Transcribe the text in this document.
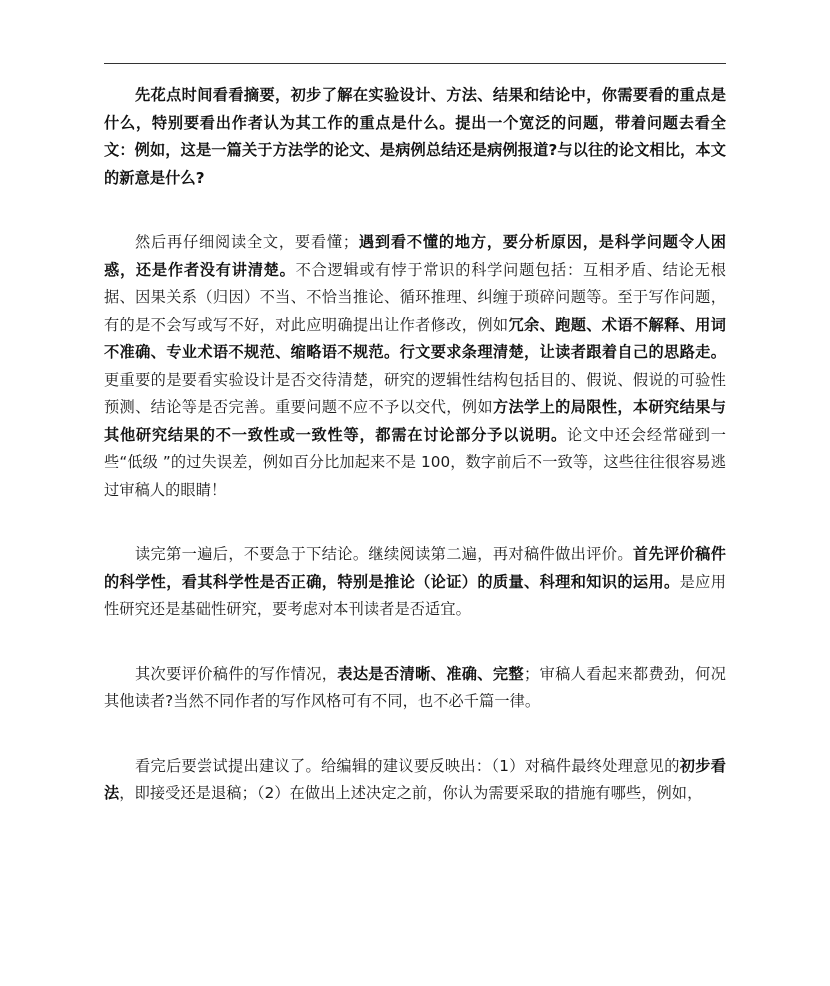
先花点时间看看摘要，初步了解在实验设计、方法、结果和结论中，你需要看的重点是什么，特别要看出作者认为其工作的重点是什么。提出一个宽泛的问题，带着问题去看全文：例如，这是一篇关于方法学的论文、是病例总结还是病例报道?与以往的论文相比，本文的新意是什么?

然后再仔细阅读全文，要看懂；遇到看不懂的地方，要分析原因，是科学问题令人困惑，还是作者没有讲清楚。不合逻辑或有悖于常识的科学问题包括：互相矛盾、结论无根据、因果关系（归因）不当、不恰当推论、循环推理、纠缠于琐碎问题等。至于写作问题，有的是不会写或写不好，对此应明确提出让作者修改，例如冗余、跑题、术语不解释、用词不准确、专业术语不规范、缩略语不规范。行文要求条理清楚，让读者跟着自己的思路走。更重要的是要看实验设计是否交待清楚，研究的逻辑性结构包括目的、假说、假说的可验性预测、结论等是否完善。重要问题不应不予以交代，例如方法学上的局限性，本研究结果与其他研究结果的不一致性或一致性等，都需在讨论部分予以说明。论文中还会经常碰到一些“低级 ”的过失误差，例如百分比加起来不是 100，数字前后不一致等，这些往往很容易逃过审稿人的眼睛！

读完第一遍后，不要急于下结论。继续阅读第二遍，再对稿件做出评价。首先评价稿件的科学性，看其科学性是否正确，特别是推论（论证）的质量、科理和知识的运用。是应用性研究还是基础性研究，要考虑对本刊读者是否适宜。

其次要评价稿件的写作情况，表达是否清晰、准确、完整；审稿人看起来都费劲，何况其他读者?当然不同作者的写作风格可有不同，也不必千篇一律。

看完后要尝试提出建议了。给编辑的建议要反映出：（1）对稿件最终处理意见的初步看法，即接受还是退稿；（2）在做出上述决定之前，你认为需要采取的措施有哪些，例如，
